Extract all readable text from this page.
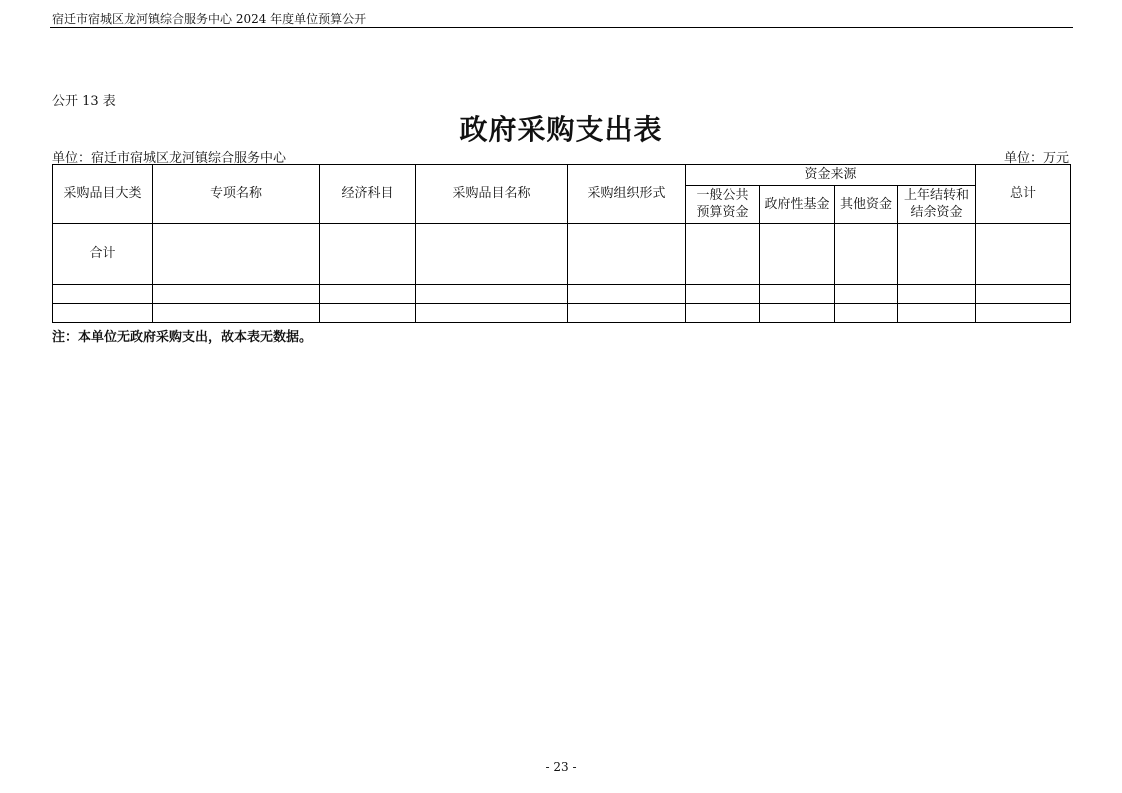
宿迁市宿城区龙河镇综合服务中心 2024 年度单位预算公开
公开 13 表
政府采购支出表
单位：宿迁市宿城区龙河镇综合服务中心	单位：万元
采购品目大类	专项名称	经济科目	采购品目名称	采购组织形式	资金来源				总计
					一般公共预算资金	政府性基金	其他资金	上年结转和结余资金	
合计									

注：本单位无政府采购支出，故本表无数据。
- 23 -
